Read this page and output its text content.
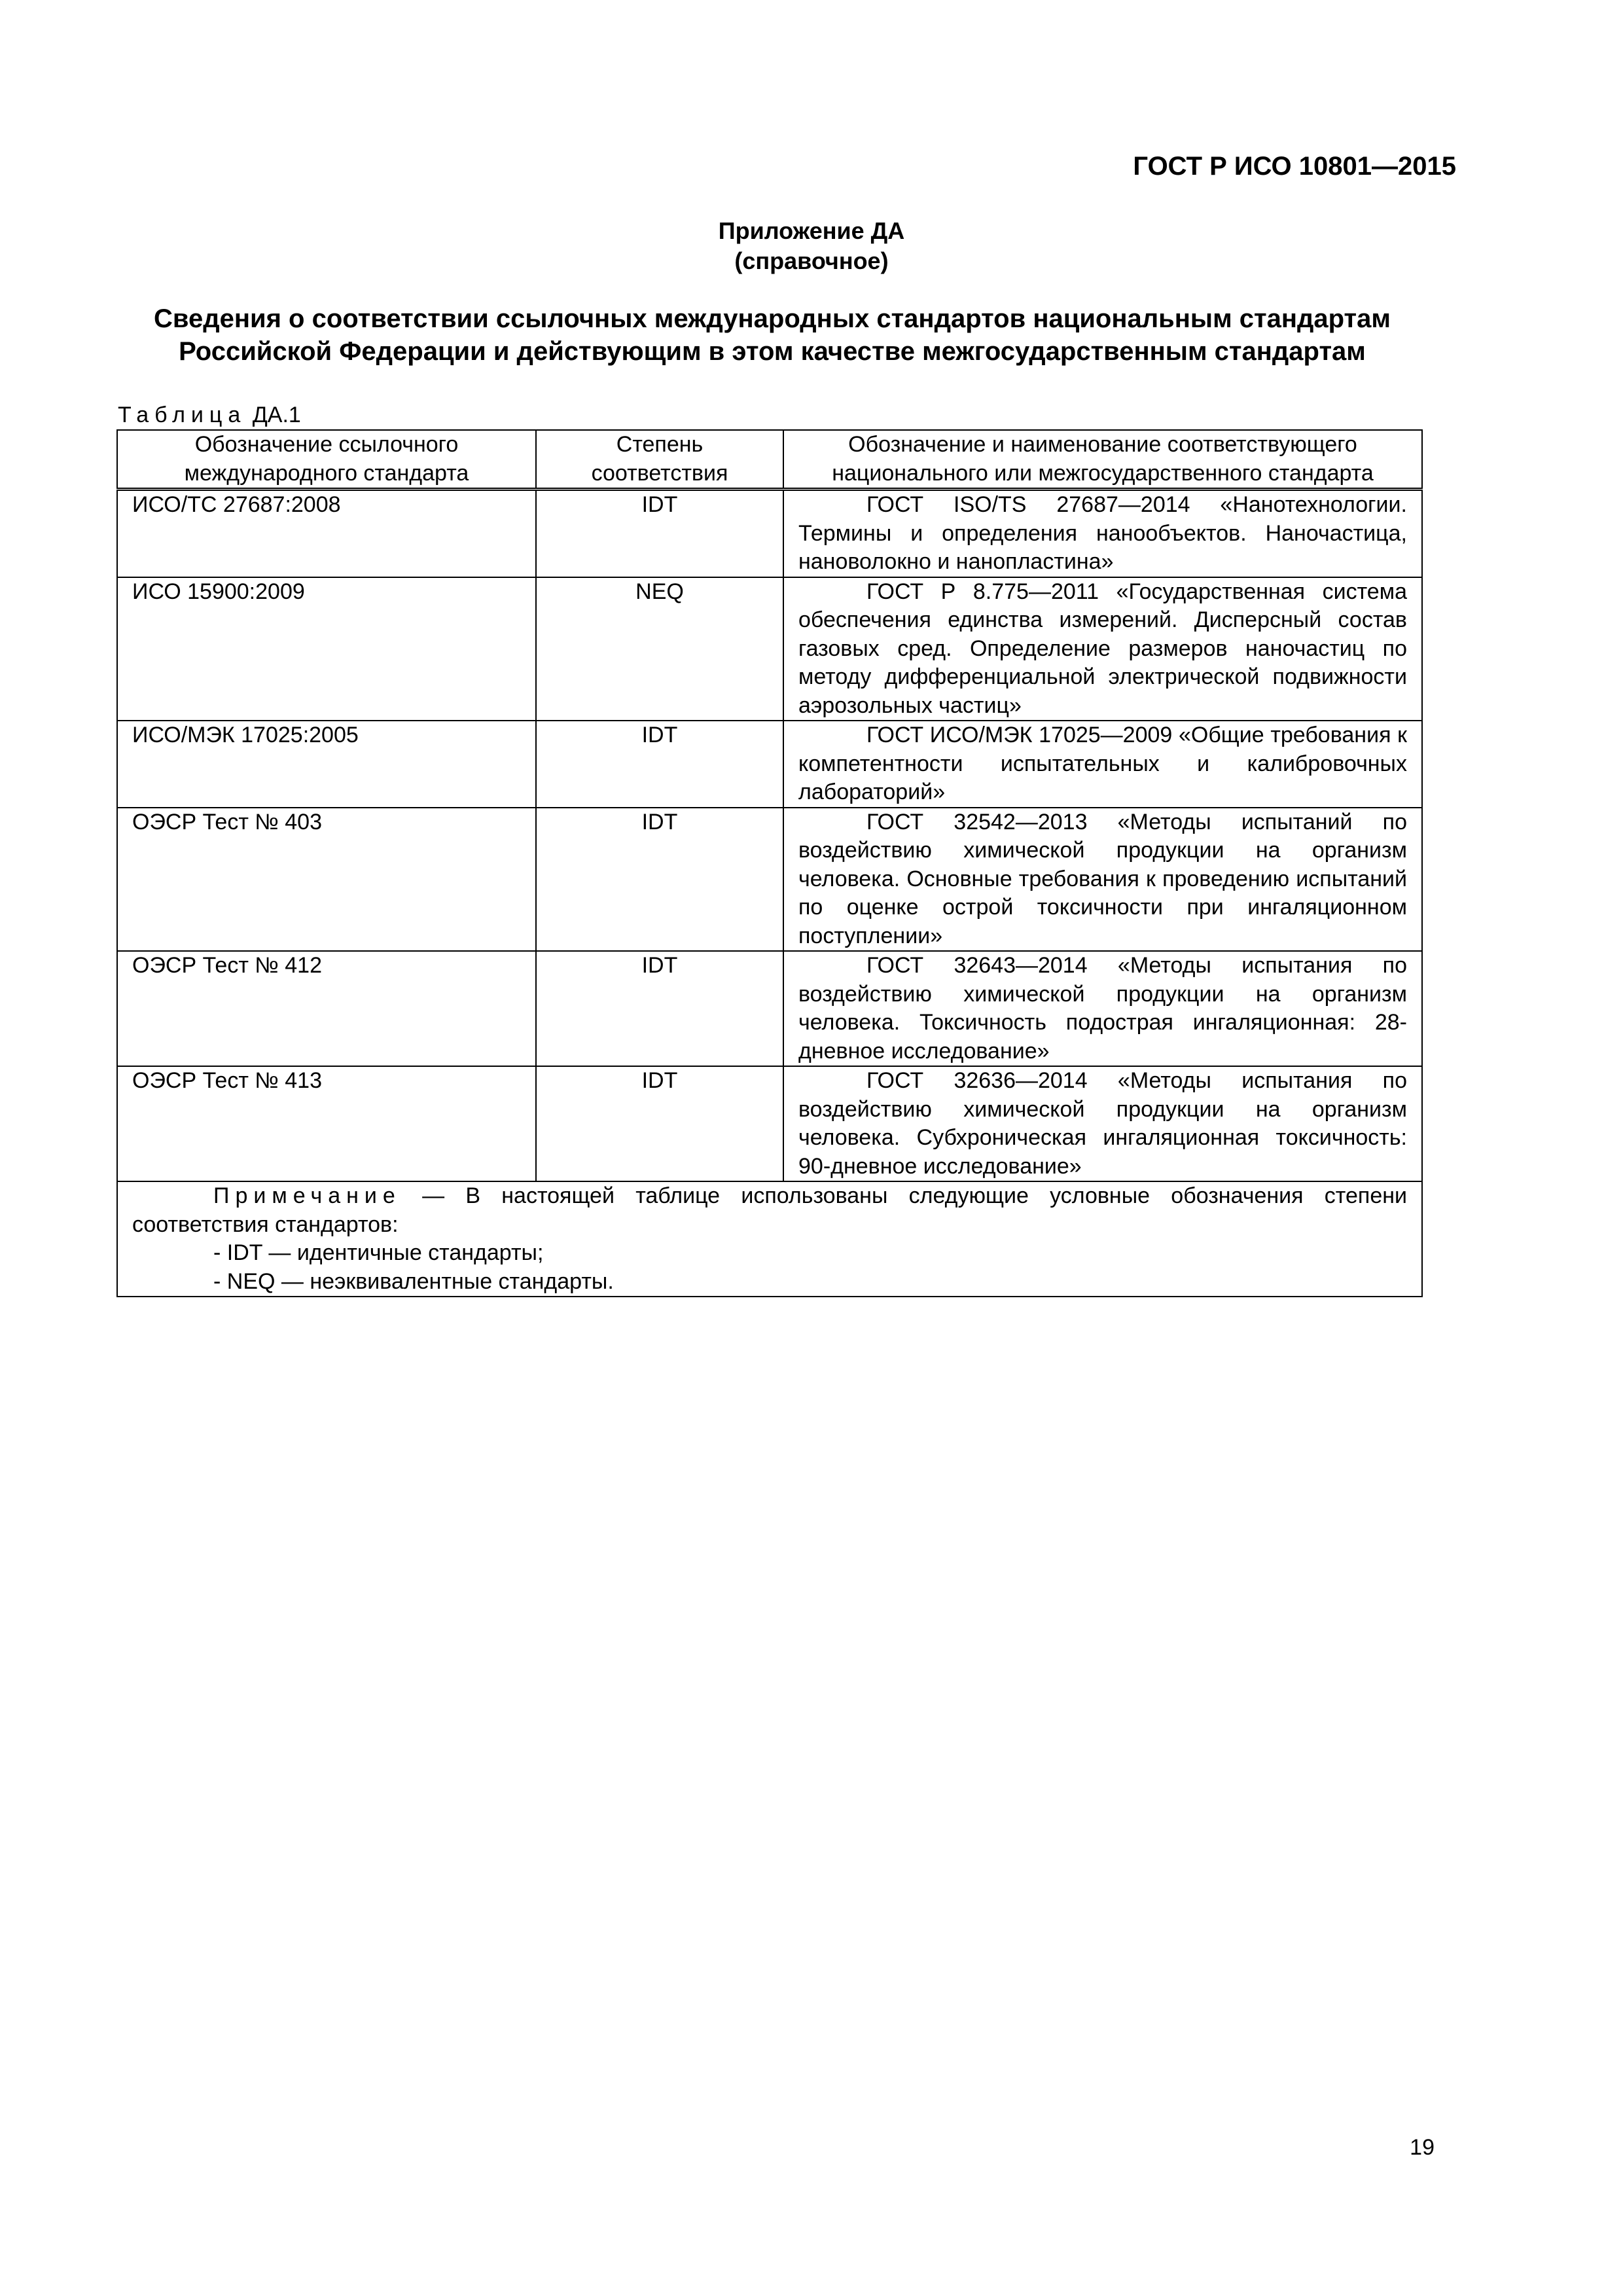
ГОСТ Р ИСО 10801—2015
Приложение ДА
(справочное)
Сведения о соответствии ссылочных международных стандартов национальным стандартам Российской Федерации и действующим в этом качестве межгосударственным стандартам
Таблица ДА.1
Обозначение ссылочного международного стандарта	Степень соответствия	Обозначение и наименование соответствующего национального или межгосударственного стандарта
ИСО/ТС 27687:2008	IDT	ГОСТ ISO/TS 27687—2014 «Нанотехнологии. Термины и определения нанообъектов. Наночастица, нановолокно и нанопластина»

ИСО 15900:2009	NEQ	ГОСТ Р 8.775—2011 «Государственная система обеспечения единства измерений. Дисперсный состав газовых сред. Определение размеров наночастиц по методу дифференциальной электрической подвижности аэрозольных частиц»

ИСО/МЭК 17025:2005	IDT	ГОСТ ИСО/МЭК 17025—2009 «Общие требования к компетентности испытательных и калибровочных лабораторий»

ОЭСР Тест № 403	IDT	ГОСТ 32542—2013 «Методы испытаний по воздействию химической продукции на организм человека. Основные требования к проведению испытаний по оценке острой токсичности при ингаляционном поступлении»

ОЭСР Тест № 412	IDT	ГОСТ 32643—2014 «Методы испытания по воздействию химической продукции на организм человека. Токсичность подострая ингаляционная: 28-дневное исследование»

ОЭСР Тест № 413	IDT	ГОСТ 32636—2014 «Методы испытания по воздействию химической продукции на организм человека. Субхроническая ингаляционная токсичность: 90-дневное исследование»

Примечание — В настоящей таблице использованы следующие условные обозначения степени соответствия стандартов:
- IDT — идентичные стандарты;
- NEQ — неэквивалентные стандарты.		
19
